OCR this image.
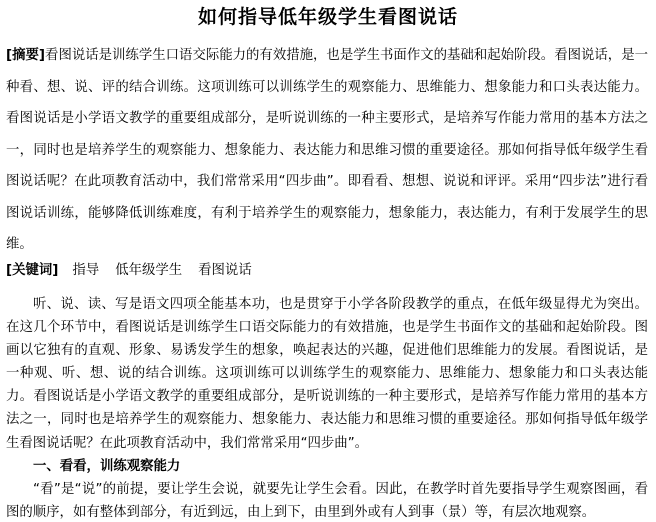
如何指导低年级学生看图说话
[摘要]看图说话是训练学生口语交际能力的有效措施，也是学生书面作文的基础和起始阶段。看图说话，是一种看、想、说、评的结合训练。这项训练可以训练学生的观察能力、思维能力、想象能力和口头表达能力。看图说话是小学语文教学的重要组成部分，是听说训练的一种主要形式，是培养写作能力常用的基本方法之一，同时也是培养学生的观察能力、想象能力、表达能力和思维习惯的重要途径。那如何指导低年级学生看图说话呢？在此项教育活动中，我们常常采用“四步曲”。即看看、想想、说说和评评。采用“四步法”进行看图说话训练，能够降低训练难度，有利于培养学生的观察能力，想象能力，表达能力，有利于发展学生的思维。
[关键词] 指导 低年级学生 看图说话

听、说、读、写是语文四项全能基本功，也是贯穿于小学各阶段教学的重点，在低年级显得尤为突出。在这几个环节中，看图说话是训练学生口语交际能力的有效措施，也是学生书面作文的基础和起始阶段。图画以它独有的直观、形象、易诱发学生的想象，唤起表达的兴趣，促进他们思维能力的发展。看图说话，是一种观、听、想、说的结合训练。这项训练可以训练学生的观察能力、思维能力、想象能力和口头表达能力。看图说话是小学语文教学的重要组成部分，是听说训练的一种主要形式，是培养写作能力常用的基本方法之一，同时也是培养学生的观察能力、想象能力、表达能力和思维习惯的重要途径。那如何指导低年级学生看图说话呢？在此项教育活动中，我们常常采用“四步曲”。

一、看看，训练观察能力

“看”是“说”的前提，要让学生会说，就要先让学生会看。因此，在教学时首先要指导学生观察图画，看图的顺序，如有整体到部分，有近到远，由上到下，由里到外或有人到事（景）等，有层次地观察。
